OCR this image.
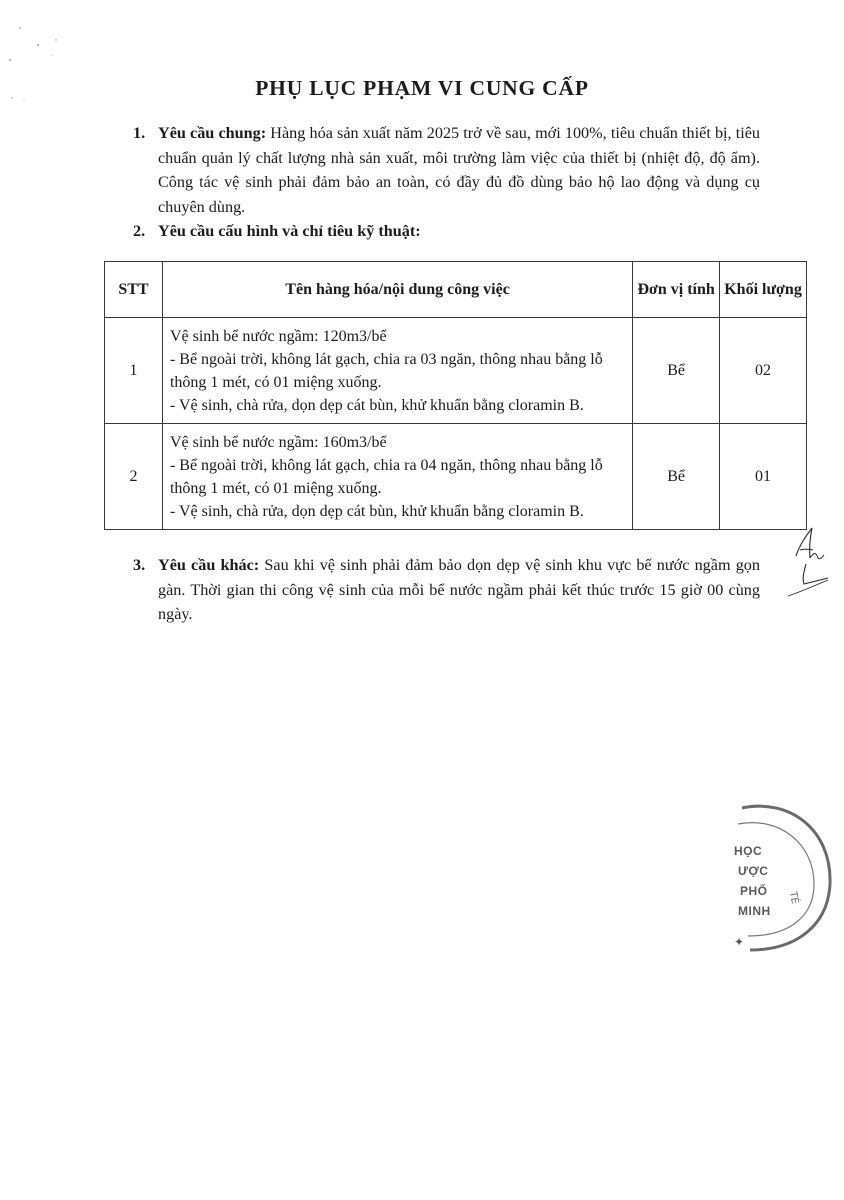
PHỤ LỤC PHẠM VI CUNG CẤP
1. Yêu cầu chung: Hàng hóa sản xuất năm 2025 trở về sau, mới 100%, tiêu chuẩn thiết bị, tiêu chuẩn quản lý chất lượng nhà sản xuất, môi trường làm việc của thiết bị (nhiệt độ, độ ẩm). Công tác vệ sinh phải đảm bảo an toàn, có đầy đủ đồ dùng bảo hộ lao động và dụng cụ chuyên dùng.
2. Yêu cầu cấu hình và chỉ tiêu kỹ thuật:
STT	Tên hàng hóa/nội dung công việc	Đơn vị tính	Khối lượng
1	Vệ sinh bể nước ngầm: 120m3/bể
- Bể ngoài trời, không lát gạch, chia ra 03 ngăn, thông nhau bằng lỗ thông 1 mét, có 01 miệng xuống.
- Vệ sinh, chà rửa, dọn dẹp cát bùn, khử khuẩn bằng cloramin B.	Bể	02
2	Vệ sinh bể nước ngầm: 160m3/bể
- Bể ngoài trời, không lát gạch, chia ra 04 ngăn, thông nhau bằng lỗ thông 1 mét, có 01 miệng xuống.
- Vệ sinh, chà rửa, dọn dẹp cát bùn, khử khuẩn bằng cloramin B.	Bể	01
3. Yêu cầu khác: Sau khi vệ sinh phải đảm bảo dọn dẹp vệ sinh khu vực bể nước ngầm gọn gàn. Thời gian thi công vệ sinh của mỗi bể nước ngầm phải kết thúc trước 15 giờ 00 cùng ngày.
✦
TÉ
HỌC
ƯỢC
PHỐ
MINH
